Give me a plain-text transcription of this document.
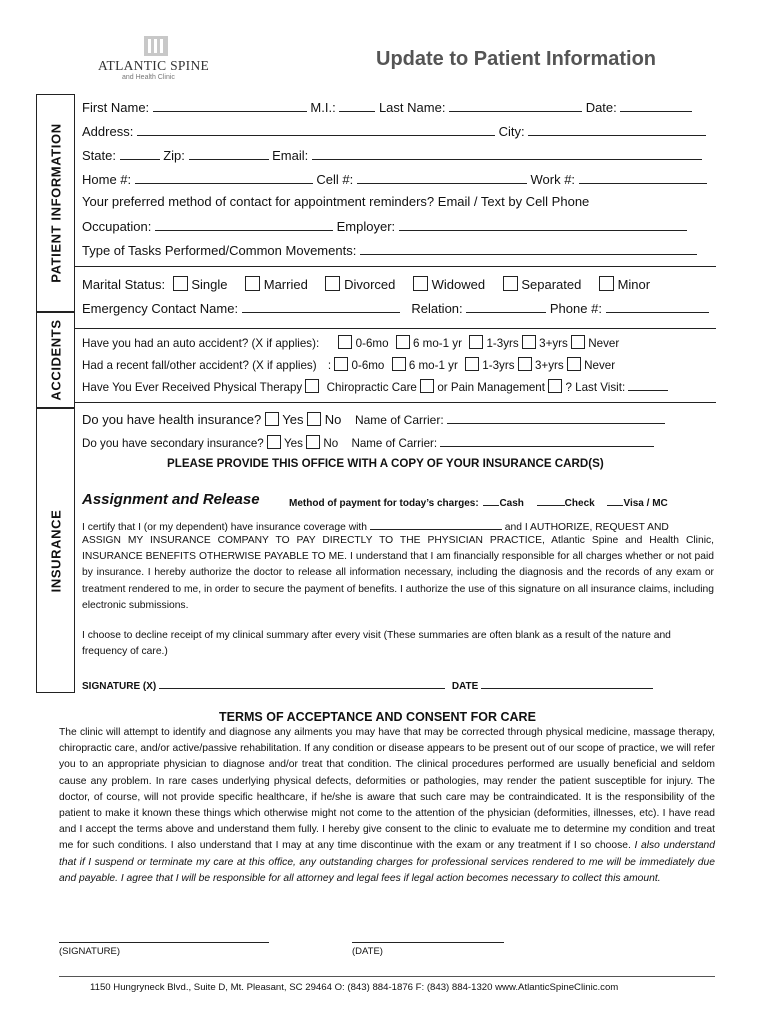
ATLANTIC SPINE
and Health Clinic
Update to Patient Information
PATIENT INFORMATION
ACCIDENTS
INSURANCE
First Name:	M.I.:	Last Name:	Date:
Address:	City:
State:	Zip:	Email:
Home #:	Cell #:	Work #:
Your preferred method of contact for appointment reminders? Email / Text by Cell Phone
Occupation:	Employer:
Type of Tasks Performed/Common Movements:
Marital Status: Single	Married	Divorced	Widowed	Separated	Minor
Emergency Contact Name:	Relation:	Phone #:
Have you had an auto accident? (X if applies):	0-6mo 6 mo-1 yr 1-3yrs 3+yrs Never
Had a recent fall/other accident? (X if applies) : 0-6mo 6 mo-1 yr 1-3yrs 3+yrs Never
Have You Ever Received Physical Therapy Chiropractic Care or Pain Management ? Last Visit:
Do you have health insurance? Yes No Name of Carrier:
Do you have secondary insurance? Yes No Name of Carrier:
PLEASE PROVIDE THIS OFFICE WITH A COPY OF YOUR INSURANCE CARD(S)
Assignment and Release	Method of payment for today’s charges: Cash	Check	Visa / MC
I certify that I (or my dependent) have insurance coverage with	and I AUTHORIZE, REQUEST AND
ASSIGN MY INSURANCE COMPANY TO PAY DIRECTLY TO THE PHYSICIAN PRACTICE, Atlantic Spine and Health Clinic, INSURANCE BENEFITS OTHERWISE PAYABLE TO ME. I understand that I am financially responsible for all charges whether or not paid by insurance. I hereby authorize the doctor to release all information necessary, including the diagnosis and the records of any exam or treatment rendered to me, in order to secure the payment of benefits. I authorize the use of this signature on all insurance claims, including electronic submissions.
I choose to decline receipt of my clinical summary after every visit (These summaries are often blank as a result of the nature and frequency of care.)
SIGNATURE (X)	DATE
TERMS OF ACCEPTANCE AND CONSENT FOR CARE
The clinic will attempt to identify and diagnose any ailments you may have that may be corrected through physical medicine, massage therapy, chiropractic care, and/or active/passive rehabilitation. If any condition or disease appears to be present out of our scope of practice, we will refer you to an appropriate physician to diagnose and/or treat that condition. The clinical procedures performed are usually beneficial and seldom cause any problem. In rare cases underlying physical defects, deformities or pathologies, may render the patient susceptible for injury. The doctor, of course, will not provide specific healthcare, if he/she is aware that such care may be contraindicated. It is the responsibility of the patient to make it known these things which otherwise might not come to the attention of the physician (deformities, illnesses, etc). I have read and I accept the terms above and understand them fully. I hereby give consent to the clinic to evaluate me to determine my condition and treat me for such conditions. I also understand that I may at any time discontinue with the exam or any treatment if I so choose. I also understand that if I suspend or terminate my care at this office, any outstanding charges for professional services rendered to me will be immediately due and payable. I agree that I will be responsible for all attorney and legal fees if legal action becomes necessary to collect this amount.
(SIGNATURE)	(DATE)
1150 Hungryneck Blvd., Suite D, Mt. Pleasant, SC 29464 O: (843) 884-1876 F: (843) 884-1320 www.AtlanticSpineClinic.com
